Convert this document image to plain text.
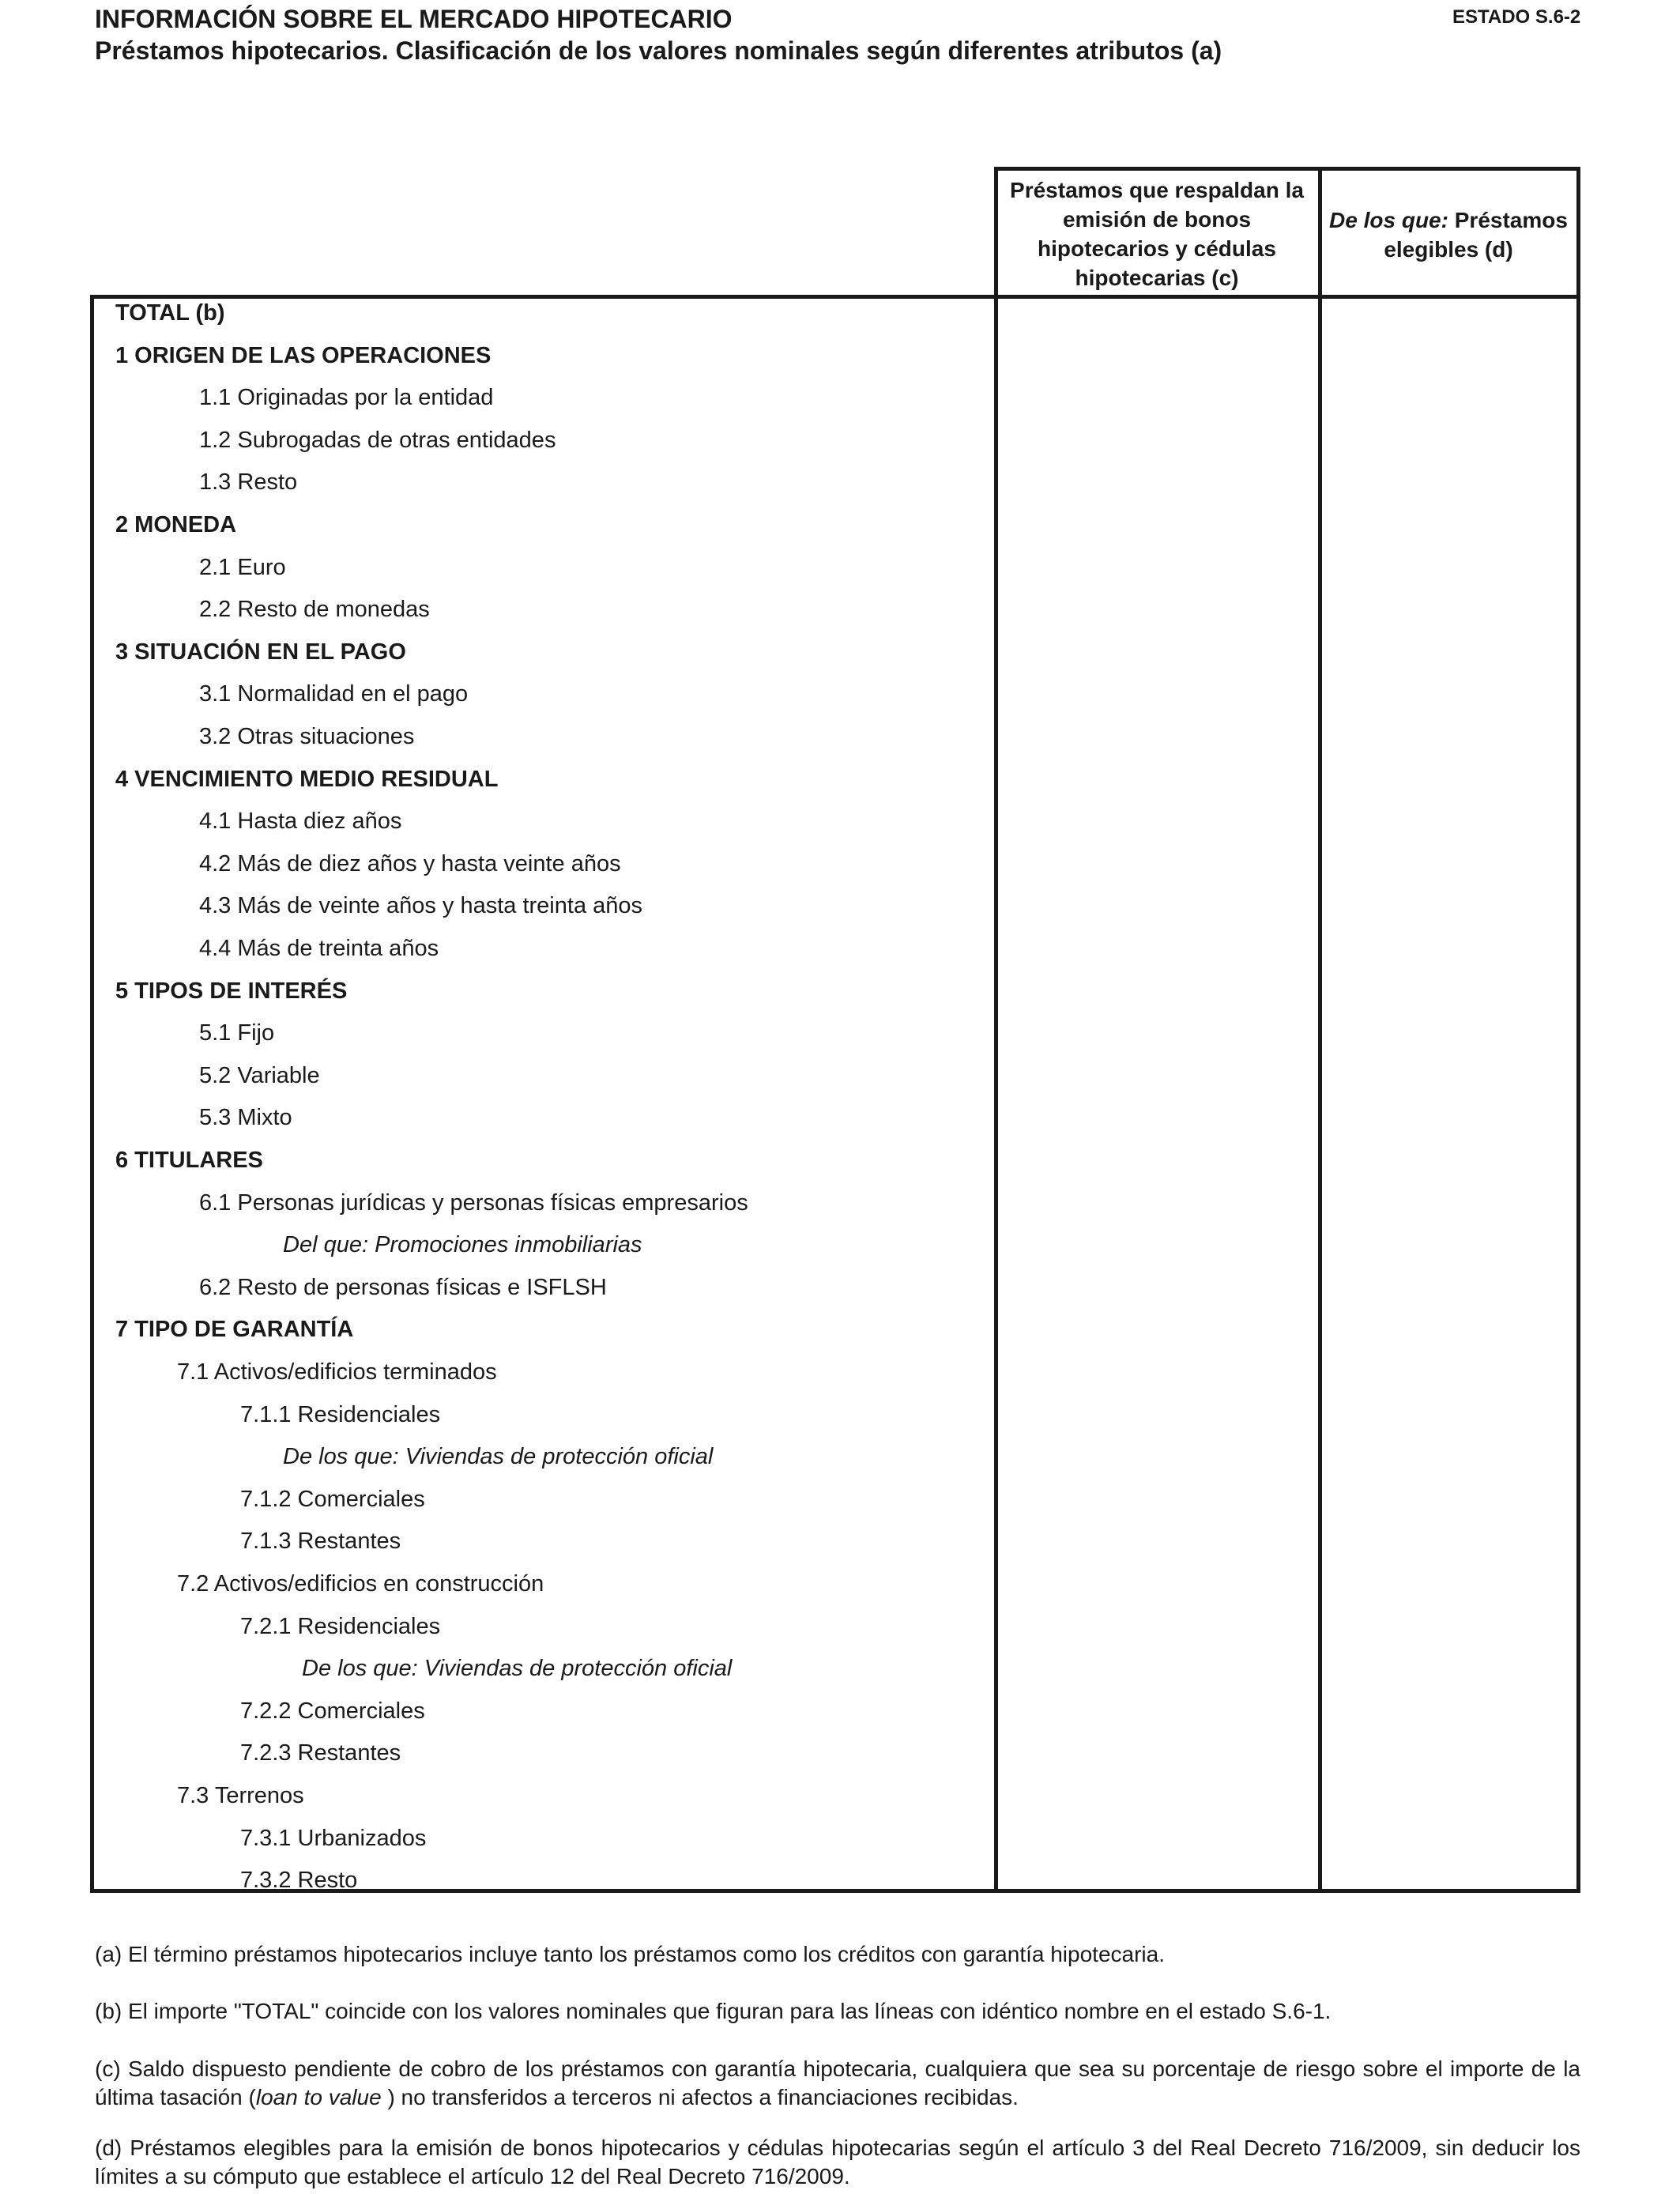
INFORMACIÓN SOBRE EL MERCADO HIPOTECARIO
Préstamos hipotecarios. Clasificación de los valores nominales según diferentes atributos (a)
ESTADO S.6-2
Préstamos que respaldan la emisión de bonos hipotecarios y cédulas hipotecarias (c)
De los que: Préstamos elegibles (d)
TOTAL (b)
1 ORIGEN DE LAS OPERACIONES
1.1 Originadas por la entidad
1.2 Subrogadas de otras entidades
1.3 Resto
2 MONEDA
2.1 Euro
2.2 Resto de monedas
3 SITUACIÓN EN EL PAGO
3.1 Normalidad en el pago
3.2 Otras situaciones
4 VENCIMIENTO MEDIO RESIDUAL
4.1 Hasta diez años
4.2 Más de diez años y hasta veinte años
4.3 Más de veinte años y hasta treinta años
4.4 Más de treinta años
5 TIPOS DE INTERÉS
5.1 Fijo
5.2 Variable
5.3 Mixto
6 TITULARES
6.1 Personas jurídicas y personas físicas empresarios
Del que: Promociones inmobiliarias
6.2 Resto de personas físicas e ISFLSH
7 TIPO DE GARANTÍA
7.1 Activos/edificios terminados
7.1.1 Residenciales
De los que: Viviendas de protección oficial
7.1.2 Comerciales
7.1.3 Restantes
7.2 Activos/edificios en construcción
7.2.1 Residenciales
De los que: Viviendas de protección oficial
7.2.2 Comerciales
7.2.3 Restantes
7.3 Terrenos
7.3.1 Urbanizados
7.3.2 Resto
(a) El término préstamos hipotecarios incluye tanto los préstamos como los créditos con garantía hipotecaria.
(b) El importe "TOTAL" coincide con los valores nominales que figuran para las líneas con idéntico nombre en el estado S.6-1.
(c) Saldo dispuesto pendiente de cobro de los préstamos con garantía hipotecaria, cualquiera que sea su porcentaje de riesgo sobre el importe de la última tasación (loan to value ) no transferidos a terceros ni afectos a financiaciones recibidas.
(d) Préstamos elegibles para la emisión de bonos hipotecarios y cédulas hipotecarias según el artículo 3 del Real Decreto 716/2009, sin deducir los límites a su cómputo que establece el artículo 12 del Real Decreto 716/2009.
